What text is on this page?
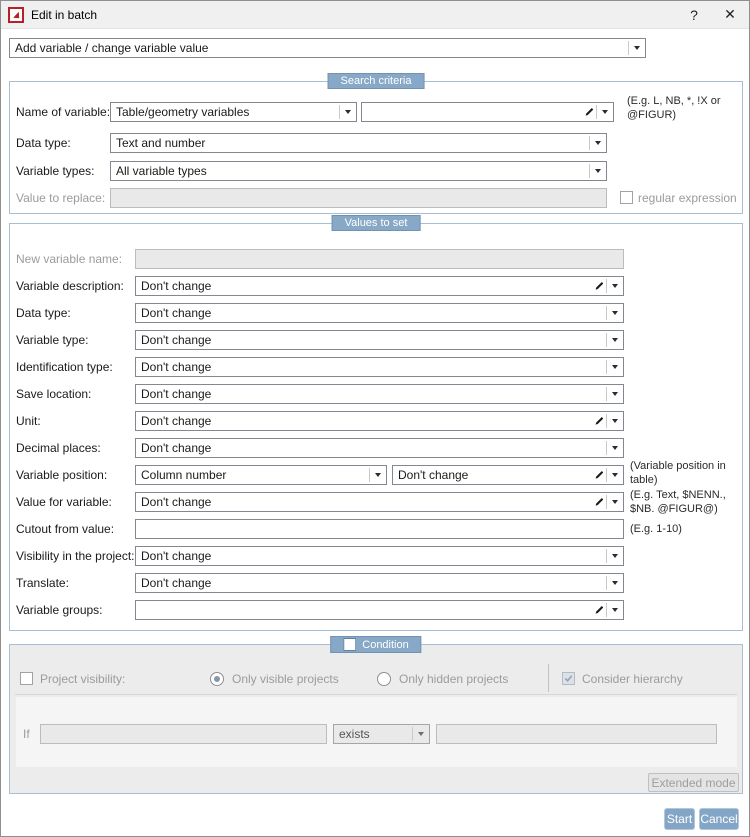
Edit in batch	?	✕
Add variable / change variable value
Search criteria
Name of variable: Table/geometry variables
(E.g. L, NB, *, !X or @FIGUR)
Data type:	Text and number
Variable types:	All variable types
Value to replace:	regular expression
Values to set
New variable name:
Variable description:	Don't change
Data type:	Don't change
Variable type:	Don't change
Identification type:	Don't change
Save location:	Don't change
Unit:	Don't change
Decimal places:	Don't change
Variable position:	Column number	Don't change
(Variable position in table)
Value for variable:	Don't change	(E.g. Text, $NENN., $NB. @FIGUR@)
Cutout from value:	(E.g. 1-10)
Visibility in the project: Don't change
Translate:	Don't change
Variable groups:
Condition
Project visibility:	Only visible projects	Only hidden projects	Consider hierarchy
If	exists
Extended mode
Start Cancel
